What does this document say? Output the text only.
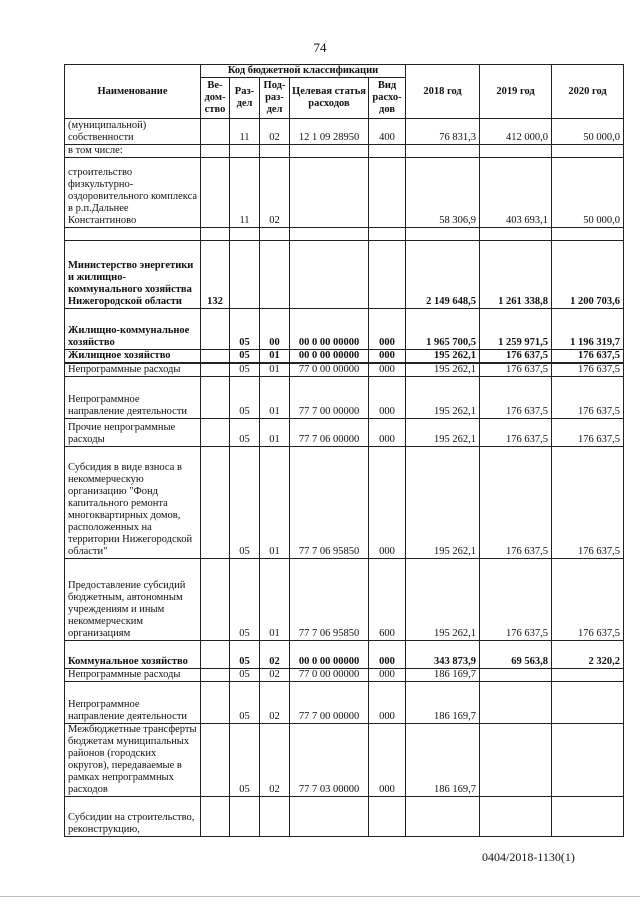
74
Наименование	Код бюджетной классификации					2018 год	2019 год	2020 год
	Ве-дом-ство	Раз-дел	Под-раз-дел	Целевая статья расходов	Вид расхо-дов			
(муниципальной) собственности		11	02	12 1 09 28950	400	76 831,3	412 000,0	50 000,0
в том числе:								
строительство физкультурно-оздоровительного комплекса в р.п.Дальнее Константиново		11	02			58 306,9	403 693,1	50 000,0

Министерство энергетики и жилищно-коммунального хозяйства Нижегородской области	132					2 149 648,5	1 261 338,8	1 200 703,6
Жилищно-коммунальное хозяйство		05	00	00 0 00 00000	000	1 965 700,5	1 259 971,5	1 196 319,7
Жилищное хозяйство		05	01	00 0 00 00000	000	195 262,1	176 637,5	176 637,5
Непрограммные расходы		05	01	77 0 00 00000	000	195 262,1	176 637,5	176 637,5
Непрограммное направление деятельности		05	01	77 7 00 00000	000	195 262,1	176 637,5	176 637,5
Прочие непрограммные расходы		05	01	77 7 06 00000	000	195 262,1	176 637,5	176 637,5
Субсидия в виде взноса в некоммерческую организацию "Фонд капитального ремонта многоквартирных домов, расположенных на территории Нижегородской области"		05	01	77 7 06 95850	000	195 262,1	176 637,5	176 637,5
Предоставление субсидий бюджетным, автономным учреждениям и иным некоммерческим организациям		05	01	77 7 06 95850	600	195 262,1	176 637,5	176 637,5
Коммунальное хозяйство		05	02	00 0 00 00000	000	343 873,9	69 563,8	2 320,2
Непрограммные расходы		05	02	77 0 00 00000	000	186 169,7		
Непрограммное направление деятельности		05	02	77 7 00 00000	000	186 169,7		
Межбюджетные трансферты бюджетам муниципальных районов (городских округов), передаваемые в рамках непрограммных расходов		05	02	77 7 03 00000	000	186 169,7		
Субсидии на строительство, реконструкцию,								
0404/2018-1130(1)
